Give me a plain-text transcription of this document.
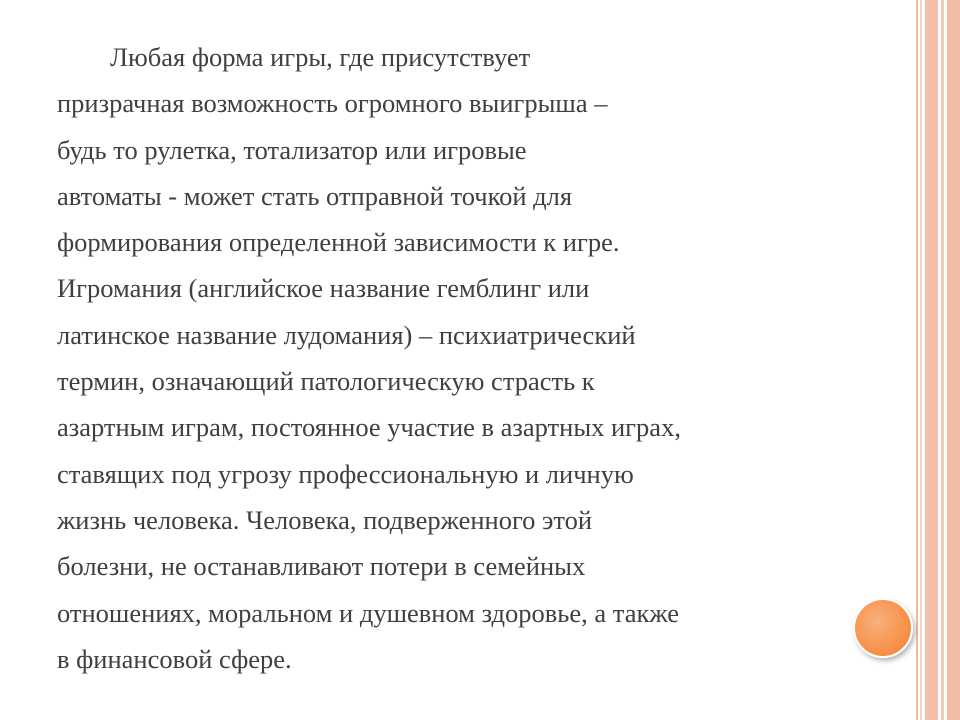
Любая форма игры, где присутствует
призрачная возможность огромного выигрыша –
будь то рулетка, тотализатор или игровые
автоматы - может стать отправной точкой для
формирования определенной зависимости к игре.
Игромания (английское название гемблинг или
латинское название лудомания) – психиатрический
термин, означающий патологическую страсть к
азартным играм, постоянное участие в азартных играх,
ставящих под угрозу профессиональную и личную
жизнь человека. Человека, подверженного этой
болезни, не останавливают потери в семейных
отношениях, моральном и душевном здоровье, а также
в финансовой сфере.
